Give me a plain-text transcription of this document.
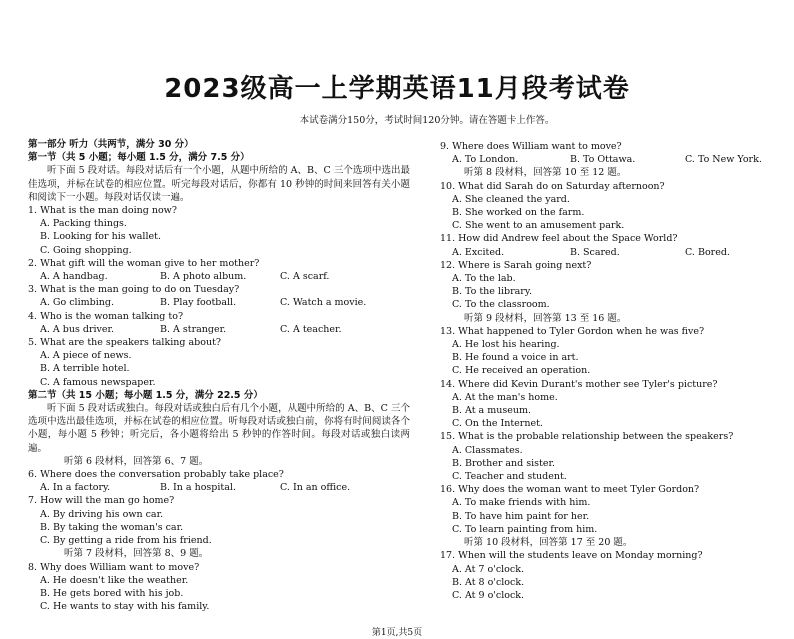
2023级高一上学期英语11月段考试卷
本试卷满分150分，考试时间120分钟。请在答题卡上作答。
第一部分 听力（共两节，满分 30 分）
第一节（共 5 小题；每小题 1.5 分，满分 7.5 分）
听下面 5 段对话。每段对话后有一个小题，从题中所给的 A、B、C 三个选项中选出最佳选项，并标在试卷的相应位置。听完每段对话后，你都有 10 秒钟的时间来回答有关小题和阅读下一小题。每段对话仅读一遍。
1. What is the man doing now?
A. Packing things.
B. Looking for his wallet.
C. Going shopping.
2. What gift will the woman give to her mother?
A. A handbag.	B. A photo album.	C. A scarf.
3. What is the man going to do on Tuesday?
A. Go climbing.	B. Play football.	C. Watch a movie.
4. Who is the woman talking to?
A. A bus driver.	B. A stranger.	C. A teacher.
5. What are the speakers talking about?
A. A piece of news.
B. A terrible hotel.
C. A famous newspaper.
第二节（共 15 小题；每小题 1.5 分，满分 22.5 分）
听下面 5 段对话或独白。每段对话或独白后有几个小题，从题中所给的 A、B、C 三个选项中选出最佳选项，并标在试卷的相应位置。听每段对话或独白前，你将有时间阅读各个小题，每小题 5 秒钟；听完后，各小题将给出 5 秒钟的作答时间。每段对话或独白读两遍。
听第 6 段材料，回答第 6、7 题。
6. Where does the conversation probably take place?
A. In a factory.	B. In a hospital.	C. In an office.
7. How will the man go home?
A. By driving his own car.
B. By taking the woman's car.
C. By getting a ride from his friend.
听第 7 段材料，回答第 8、9 题。
8. Why does William want to move?
A. He doesn't like the weather.
B. He gets bored with his job.
C. He wants to stay with his family.
9. Where does William want to move?
A. To London.	B. To Ottawa.	C. To New York.
听第 8 段材料，回答第 10 至 12 题。
10. What did Sarah do on Saturday afternoon?
A. She cleaned the yard.
B. She worked on the farm.
C. She went to an amusement park.
11. How did Andrew feel about the Space World?
A. Excited.	B. Scared.	C. Bored.
12. Where is Sarah going next?
A. To the lab.
B. To the library.
C. To the classroom.
听第 9 段材料，回答第 13 至 16 题。
13. What happened to Tyler Gordon when he was five?
A. He lost his hearing.
B. He found a voice in art.
C. He received an operation.
14. Where did Kevin Durant's mother see Tyler's picture?
A. At the man's home.
B. At a museum.
C. On the Internet.
15. What is the probable relationship between the speakers?
A. Classmates.
B. Brother and sister.
C. Teacher and student.
16. Why does the woman want to meet Tyler Gordon?
A. To make friends with him.
B. To have him paint for her.
C. To learn painting from him.
听第 10 段材料，回答第 17 至 20 题。
17. When will the students leave on Monday morning?
A. At 7 o'clock.
B. At 8 o'clock.
C. At 9 o'clock.
第1页,共5页
